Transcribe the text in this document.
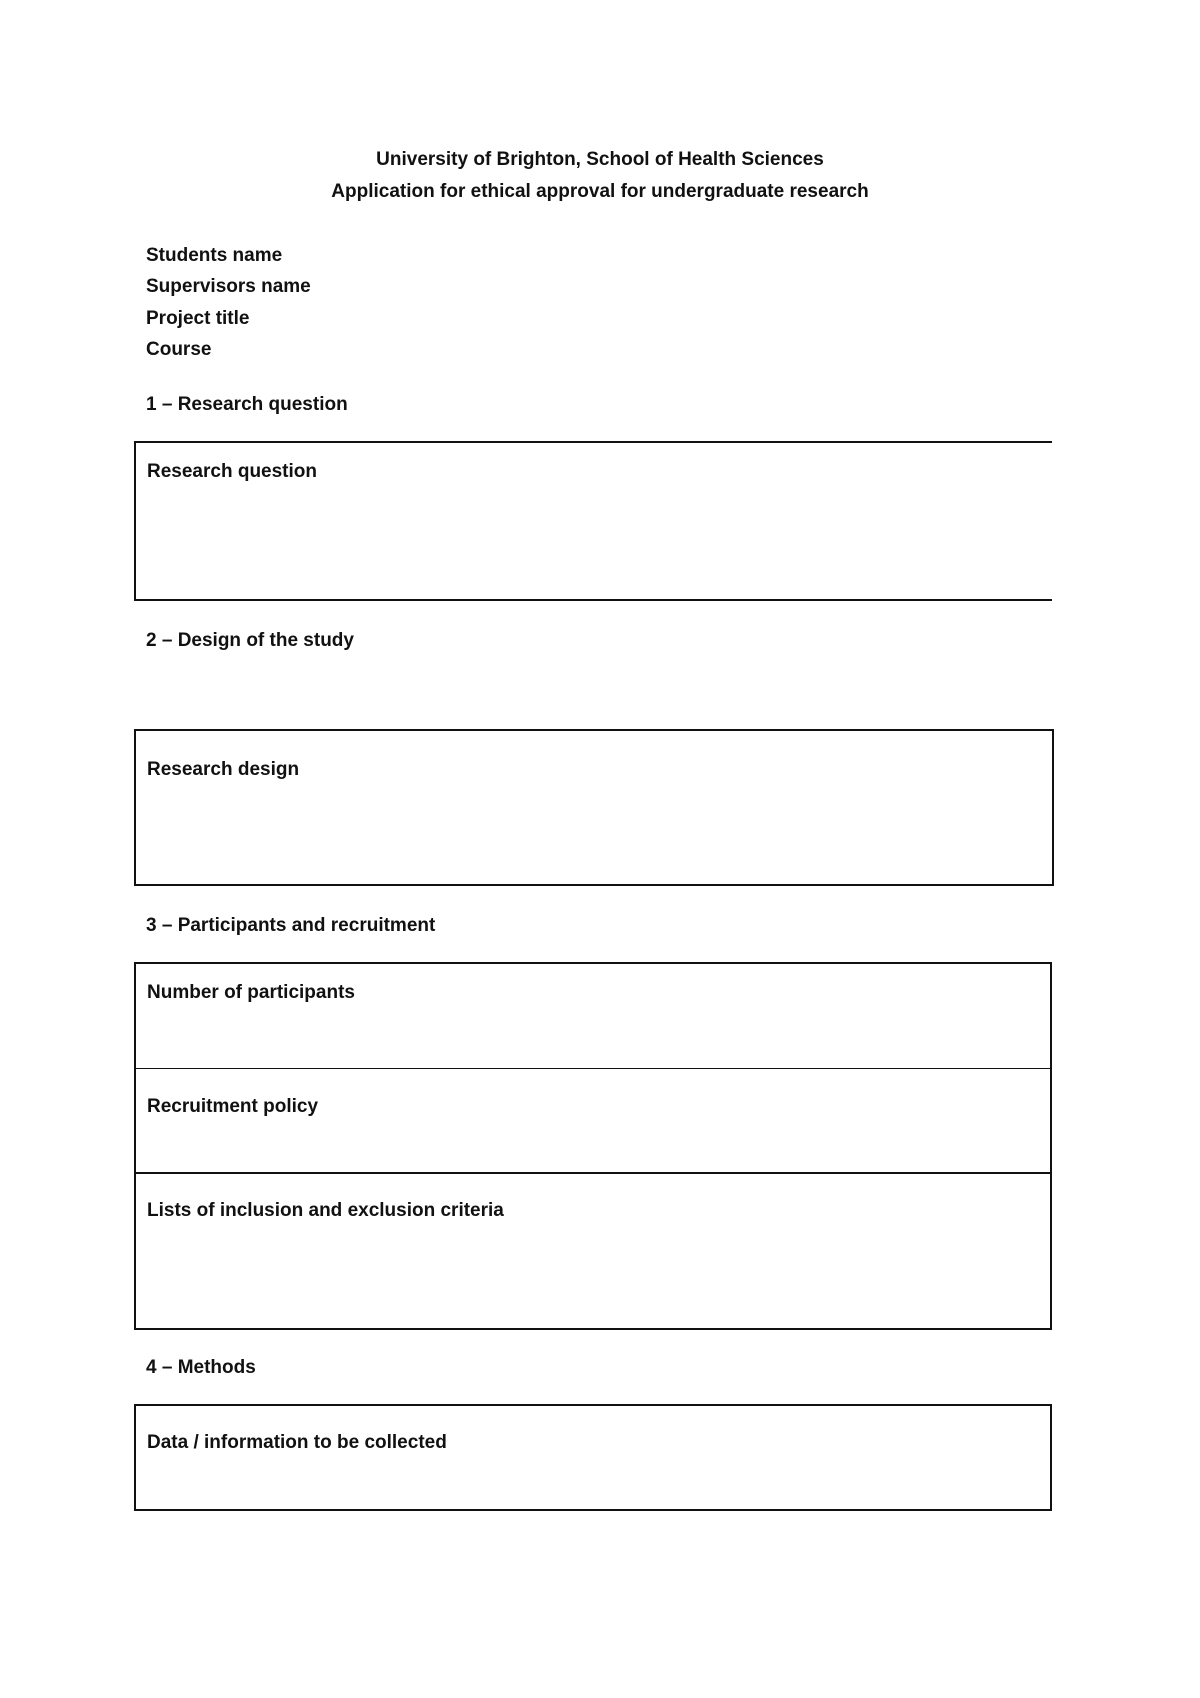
University of Brighton, School of Health Sciences
Application for ethical approval for undergraduate research
Students name
Supervisors name
Project title
Course
1 – Research question
Research question
2 – Design of the study
Research design
3 – Participants and recruitment
Number of participants
Recruitment policy
Lists of inclusion and exclusion criteria
4 – Methods
Data / information to be collected
